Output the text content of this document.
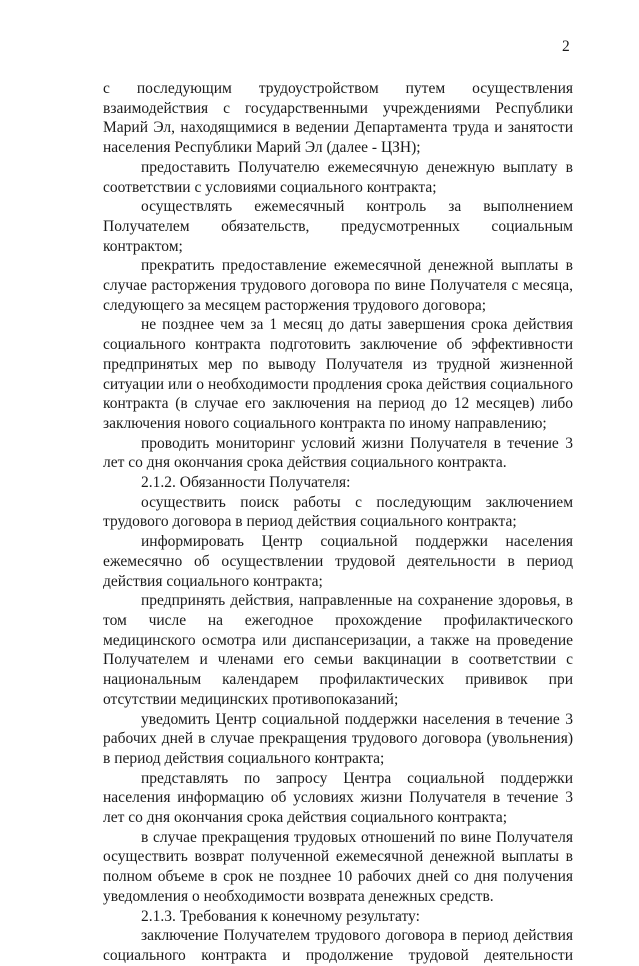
2

с последующим трудоустройством путем осуществления взаимодействия с государственными учреждениями Республики Марий Эл, находящимися в ведении Департамента труда и занятости населения Республики Марий Эл (далее - ЦЗН);

предоставить Получателю ежемесячную денежную выплату в соответствии с условиями социального контракта;

осуществлять ежемесячный контроль за выполнением Получателем обязательств, предусмотренных социальным контрактом;

прекратить предоставление ежемесячной денежной выплаты в случае расторжения трудового договора по вине Получателя с месяца, следующего за месяцем расторжения трудового договора;

не позднее чем за 1 месяц до даты завершения срока действия социального контракта подготовить заключение об эффективности предпринятых мер по выводу Получателя из трудной жизненной ситуации или о необходимости продления срока действия социального контракта (в случае его заключения на период до 12 месяцев) либо заключения нового социального контракта по иному направлению;

проводить мониторинг условий жизни Получателя в течение 3 лет со дня окончания срока действия социального контракта.

2.1.2. Обязанности Получателя:

осуществить поиск работы с последующим заключением трудового договора в период действия социального контракта;

информировать Центр социальной поддержки населения ежемесячно об осуществлении трудовой деятельности в период действия социального контракта;

предпринять действия, направленные на сохранение здоровья, в том числе на ежегодное прохождение профилактического медицинского осмотра или диспансеризации, а также на проведение Получателем и членами его семьи вакцинации в соответствии с национальным календарем профилактических прививок при отсутствии медицинских противопоказаний;

уведомить Центр социальной поддержки населения в течение 3 рабочих дней в случае прекращения трудового договора (увольнения) в период действия социального контракта;

представлять по запросу Центра социальной поддержки населения информацию об условиях жизни Получателя в течение 3 лет со дня окончания срока действия социального контракта;

в случае прекращения трудовых отношений по вине Получателя осуществить возврат полученной ежемесячной денежной выплаты в полном объеме в срок не позднее 10 рабочих дней со дня получения уведомления о необходимости возврата денежных средств.

2.1.3. Требования к конечному результату:

заключение Получателем трудового договора в период действия социального контракта и продолжение трудовой деятельности
